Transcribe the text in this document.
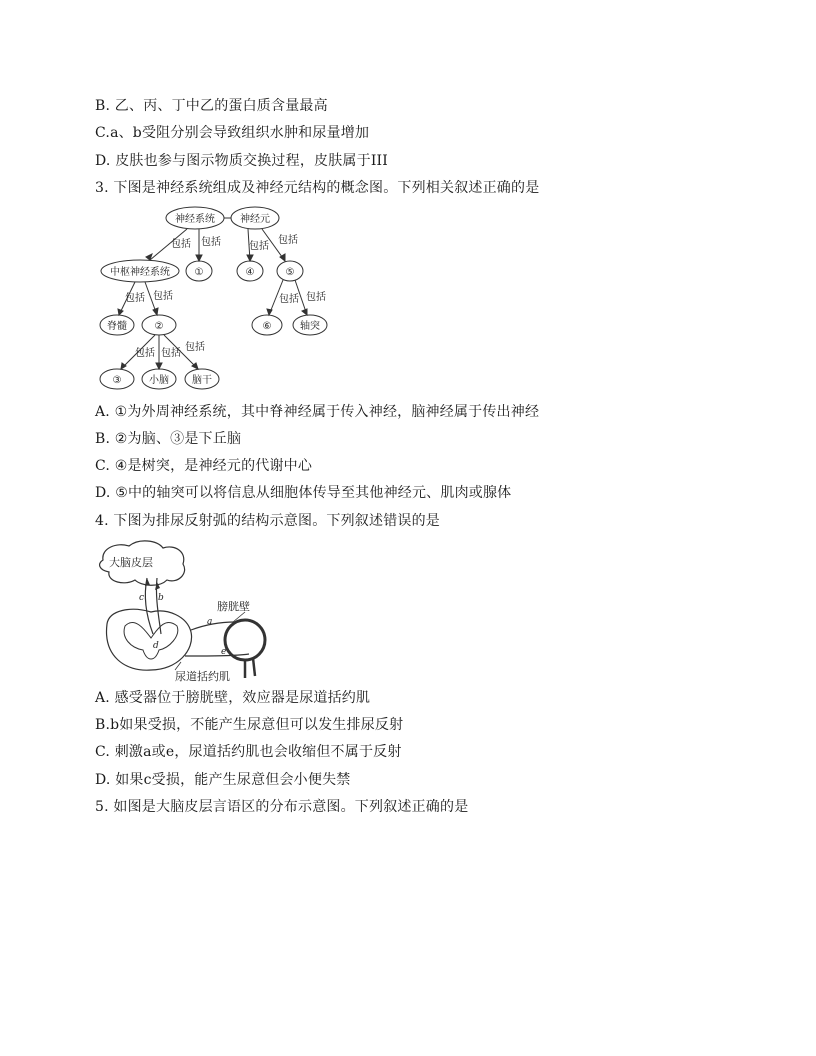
B. 乙、丙、丁中乙的蛋白质含量最高
C.a、b受阻分别会导致组织水肿和尿量增加
D. 皮肤也参与图示物质交换过程，皮肤属于III
3. 下图是神经系统组成及神经元结构的概念图。下列相关叙述正确的是
神经系统	神经元
中枢神经系统 ①	④	⑤
脊髓	②	⑥	轴突
③	小脑 脑干
包括 包括	包括
包括
包括 包括	包括 包括
包括 包括
包括
A. ①为外周神经系统，其中脊神经属于传入神经，脑神经属于传出神经
B. ②为脑、③是下丘脑
C. ④是树突，是神经元的代谢中心
D. ⑤中的轴突可以将信息从细胞体传导至其他神经元、肌肉或腺体
4. 下图为排尿反射弧的结构示意图。下列叙述错误的是
大脑皮层
膀胱壁
尿道括约肌
a
b
c
d
e
A. 感受器位于膀胱壁，效应器是尿道括约肌
B.b如果受损，不能产生尿意但可以发生排尿反射
C. 刺激a或e，尿道括约肌也会收缩但不属于反射
D. 如果c受损，能产生尿意但会小便失禁
5. 如图是大脑皮层言语区的分布示意图。下列叙述正确的是
